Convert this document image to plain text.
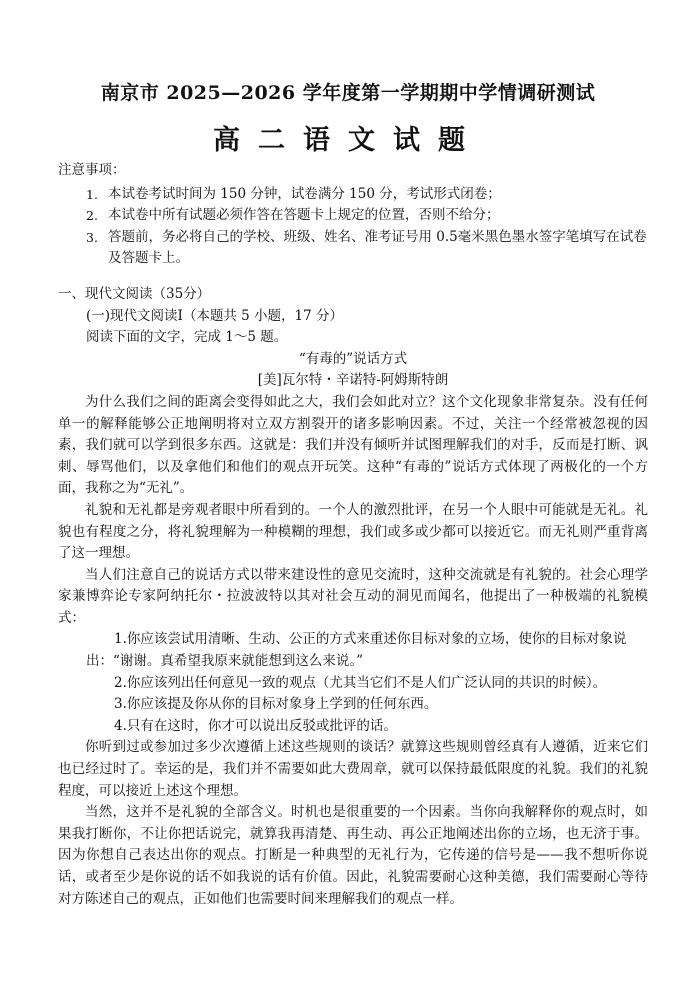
南京市 2025—2026 学年度第一学期期中学情调研测试
高二语文试题

注意事项：

1. 本试卷考试时间为 150 分钟，试卷满分 150 分，考试形式闭卷；
2. 本试卷中所有试题必须作答在答题卡上规定的位置，否则不给分；
3. 答题前，务必将自己的学校、班级、姓名、准考证号用 0.5毫米黑色墨水签字笔填写在试卷及答题卡上。

一、现代文阅读（35分）

(一)现代文阅读Ⅰ（本题共 5 小题，17 分）

阅读下面的文字，完成 1～5 题。

“有毒的”说话方式

[美]瓦尔特・辛诺特-阿姆斯特朗

为什么我们之间的距离会变得如此之大，我们会如此对立？这个文化现象非常复杂。没有任何单一的解释能够公正地阐明将对立双方割裂开的诸多影响因素。不过，关注一个经常被忽视的因素，我们就可以学到很多东西。这就是：我们并没有倾听并试图理解我们的对手，反而是打断、讽刺、辱骂他们，以及拿他们和他们的观点开玩笑。这种“有毒的”说话方式体现了两极化的一个方面，我称之为“无礼”。

礼貌和无礼都是旁观者眼中所看到的。一个人的激烈批评，在另一个人眼中可能就是无礼。礼貌也有程度之分，将礼貌理解为一种模糊的理想，我们或多或少都可以接近它。而无礼则严重背离了这一理想。

当人们注意自己的说话方式以带来建设性的意见交流时，这种交流就是有礼貌的。社会心理学家兼博弈论专家阿纳托尔・拉波波特以其对社会互动的洞见而闻名，他提出了一种极端的礼貌模式：

1.你应该尝试用清晰、生动、公正的方式来重述你目标对象的立场，使你的目标对象说出：“谢谢。真希望我原来就能想到这么来说。”

2.你应该列出任何意见一致的观点（尤其当它们不是人们广泛认同的共识的时候）。

3.你应该提及你从你的目标对象身上学到的任何东西。

4.只有在这时，你才可以说出反驳或批评的话。

你听到过或参加过多少次遵循上述这些规则的谈话？就算这些规则曾经真有人遵循，近来它们也已经过时了。幸运的是，我们并不需要如此大费周章，就可以保持最低限度的礼貌。我们的礼貌程度，可以接近上述这个理想。

当然，这并不是礼貌的全部含义。时机也是很重要的一个因素。当你向我解释你的观点时，如果我打断你，不让你把话说完，就算我再清楚、再生动、再公正地阐述出你的立场，也无济于事。因为你想自己表达出你的观点。打断是一种典型的无礼行为，它传递的信号是——我不想听你说话，或者至少是你说的话不如我说的话有价值。因此，礼貌需要耐心这种美德，我们需要耐心等待对方陈述自己的观点，正如他们也需要时间来理解我们的观点一样。
